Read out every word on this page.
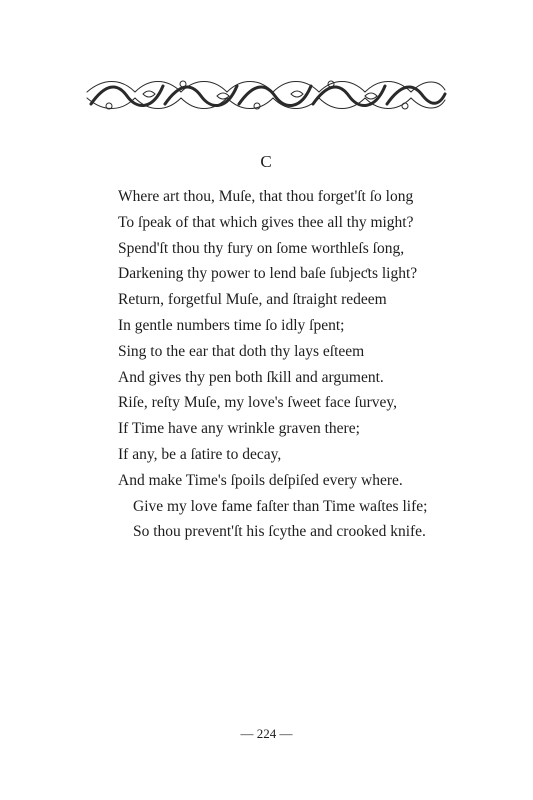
C
Where art thou, Muſe, that thou forget'ſt ſo long
To ſpeak of that which gives thee all thy might?
Spend'ſt thou thy fury on ſome worthleſs ſong,
Darkening thy power to lend baſe ſubjeƈts light?
Return, forgetful Muſe, and ſtraight redeem
In gentle numbers time ſo idly ſpent;
Sing to the ear that doth thy lays eſteem
And gives thy pen both ſkill and argument.
Riſe, reſty Muſe, my love's ſweet face ſurvey,
If Time have any wrinkle graven there;
If any, be a ſatire to decay,
And make Time's ſpoils deſpiſed every where.
Give my love fame faſter than Time waſtes life;
So thou prevent'ſt his ſcythe and crooked knife.
— 224 —
